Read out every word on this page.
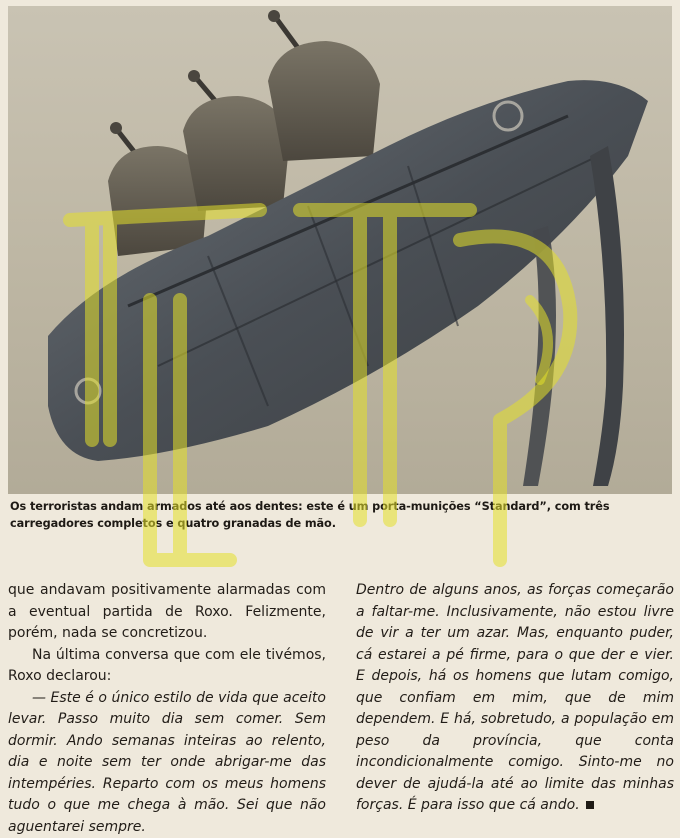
Os terroristas andam armados até aos dentes: este é um porta-munições “Standard”, com três carregadores completos e quatro granadas de mão.

que andavam positivamente alarmadas com a eventual partida de Roxo. Felizmente, porém, nada se concretizou.

Na última conversa que com ele tivémos, Roxo declarou:

— Este é o único estilo de vida que aceito levar. Passo muito dia sem comer. Sem dormir. Ando semanas inteiras ao relento, dia e noite sem ter onde abrigar-me das intempéries. Reparto com os meus homens tudo o que me chega à mão. Sei que não aguentarei sempre.

Dentro de alguns anos, as forças começarão a faltar-me. Inclusivamente, não estou livre de vir a ter um azar. Mas, enquanto puder, cá estarei a pé firme, para o que der e vier. E depois, há os homens que lutam comigo, que confiam em mim, que de mim dependem. E há, sobretudo, a população em peso da província, que conta incondicionalmente comigo. Sinto-me no dever de ajudá-la até ao limite das minhas forças. É para isso que cá ando.
